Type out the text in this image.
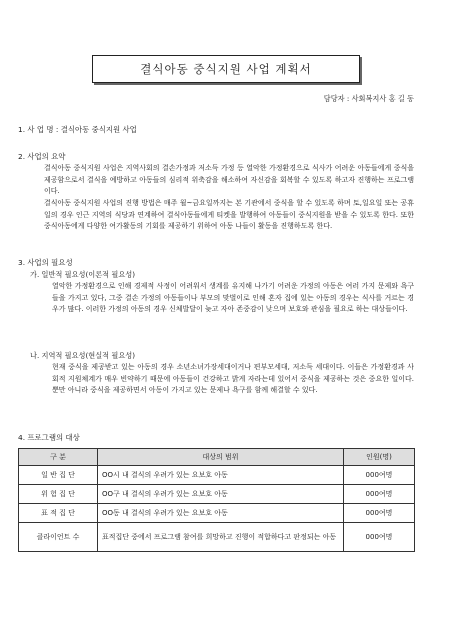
결식아동 중식지원 사업 계획서
담당자 : 사회복지사 홍 길 동
1. 사 업 명 : 결식아동 중식지원 사업
2. 사업의 요약
결식아동 중식지원 사업은 지역사회의 결손가정과 저소득 가정 등 열악한 가정환경으로 식사가 어려운 아동들에게 중식을 제공함으로서 결식을 예방하고 아동들의 심리적 위축감을 해소하여 자신감을 회복할 수 있도록 하고자 진행하는 프로그램이다.
결식아동 중식지원 사업의 진행 방법은 매주 월~금요일까지는 본 기관에서 중식을 할 수 있도록 하며 토,일요일 또는 공휴일의 경우 인근 지역의 식당과 연계하여 결식아동들에게 티켓을 발행하여 아동들이 중식지원을 받을 수 있도록 한다. 또한 중식아동에게 다양한 여가활동의 기회를 제공하기 위하여 아동 나들이 활동을 진행하도록 한다.
3. 사업의 필요성
가. 일반적 필요성(이론적 필요성)
열악한 가정환경으로 인해 경제적 사정이 어려워서 생계를 유지해 나가기 어려운 가정의 아동은 여러 가지 문제와 욕구들을 가지고 있다, 그중 결손 가정의 아동들이나 부모의 맞벌이로 인해 혼자 집에 있는 아동의 경우는 식사를 거르는 경우가 많다. 이러한 가정의 아동의 경우 신체발달이 늦고 자아 존중감이 낮으며 보호와 관심을 필요로 하는 대상들이다.
나. 지역적 필요성(현실적 필요성)
현재 중식을 제공받고 있는 아동의 경우 소년소녀가장세대이거나 편부모세대, 저소득 세대이다. 이들은 가정환경과 사회적 지원체계가 매우 빈약하기 때문에 아동들이 건강하고 밝게 자라는데 있어서 중식을 제공하는 것은 중요한 일이다. 뿐만 아니라 중식을 제공하면서 아동이 가지고 있는 문제나 욕구를 함께 해결할 수 있다.
4. 프로그램의 대상
구 분	대상의 범위	인원(명)
일 반 집 단	OO시 내 결식의 우려가 있는 요보호 아동	000여명
위 험 집 단	OO구 내 결식의 우려가 있는 요보호 아동	000여명
표 적 집 단	OO동 내 결식의 우려가 있는 요보호 아동	000여명
클라이언트 수	표적집단 중에서 프로그램 참여를 희망하고 진행이 적합하다고 판정되는 아동	000여명
